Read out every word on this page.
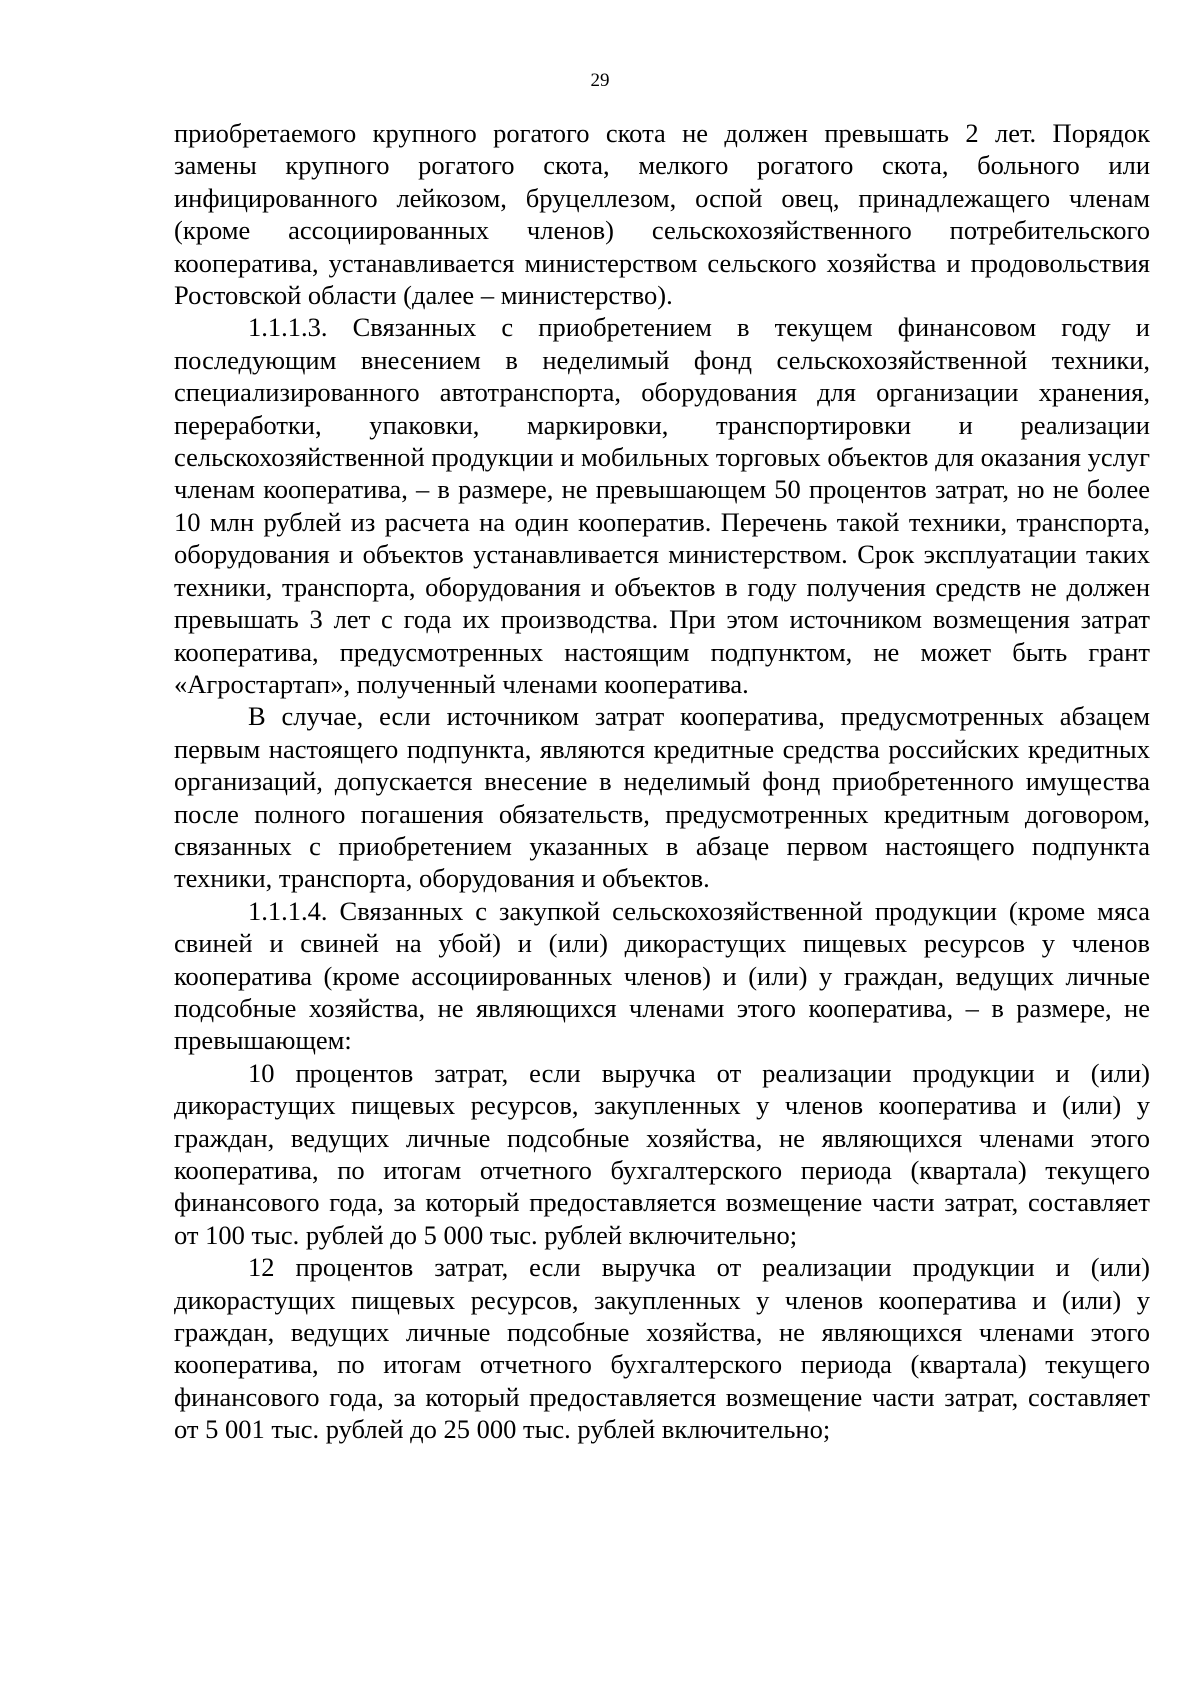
29

приобретаемого крупного рогатого скота не должен превышать 2 лет. Порядок замены крупного рогатого скота, мелкого рогатого скота, больного или инфицированного лейкозом, бруцеллезом, оспой овец, принадлежащего членам (кроме ассоциированных членов) сельскохозяйственного потребительского кооператива, устанавливается министерством сельского хозяйства и продовольствия Ростовской области (далее – министерство).

1.1.1.3. Связанных с приобретением в текущем финансовом году и последующим внесением в неделимый фонд сельскохозяйственной техники, специализированного автотранспорта, оборудования для организации хранения, переработки, упаковки, маркировки, транспортировки и реализации сельскохозяйственной продукции и мобильных торговых объектов для оказания услуг членам кооператива, – в размере, не превышающем 50 процентов затрат, но не более 10 млн рублей из расчета на один кооператив. Перечень такой техники, транспорта, оборудования и объектов устанавливается министерством. Срок эксплуатации таких техники, транспорта, оборудования и объектов в году получения средств не должен превышать 3 лет с года их производства. При этом источником возмещения затрат кооператива, предусмотренных настоящим подпунктом, не может быть грант «Агростартап», полученный членами кооператива.

В случае, если источником затрат кооператива, предусмотренных абзацем первым настоящего подпункта, являются кредитные средства российских кредитных организаций, допускается внесение в неделимый фонд приобретенного имущества после полного погашения обязательств, предусмотренных кредитным договором, связанных с приобретением указанных в абзаце первом настоящего подпункта техники, транспорта, оборудования и объектов.

1.1.1.4. Связанных с закупкой сельскохозяйственной продукции (кроме мяса свиней и свиней на убой) и (или) дикорастущих пищевых ресурсов у членов кооператива (кроме ассоциированных членов) и (или) у граждан, ведущих личные подсобные хозяйства, не являющихся членами этого кооператива, – в размере, не превышающем:

10 процентов затрат, если выручка от реализации продукции и (или) дикорастущих пищевых ресурсов, закупленных у членов кооператива и (или) у граждан, ведущих личные подсобные хозяйства, не являющихся членами этого кооператива, по итогам отчетного бухгалтерского периода (квартала) текущего финансового года, за который предоставляется возмещение части затрат, составляет от 100 тыс. рублей до 5 000 тыс. рублей включительно;

12 процентов затрат, если выручка от реализации продукции и (или) дикорастущих пищевых ресурсов, закупленных у членов кооператива и (или) у граждан, ведущих личные подсобные хозяйства, не являющихся членами этого кооператива, по итогам отчетного бухгалтерского периода (квартала) текущего финансового года, за который предоставляется возмещение части затрат, составляет от 5 001 тыс. рублей до 25 000 тыс. рублей включительно;
